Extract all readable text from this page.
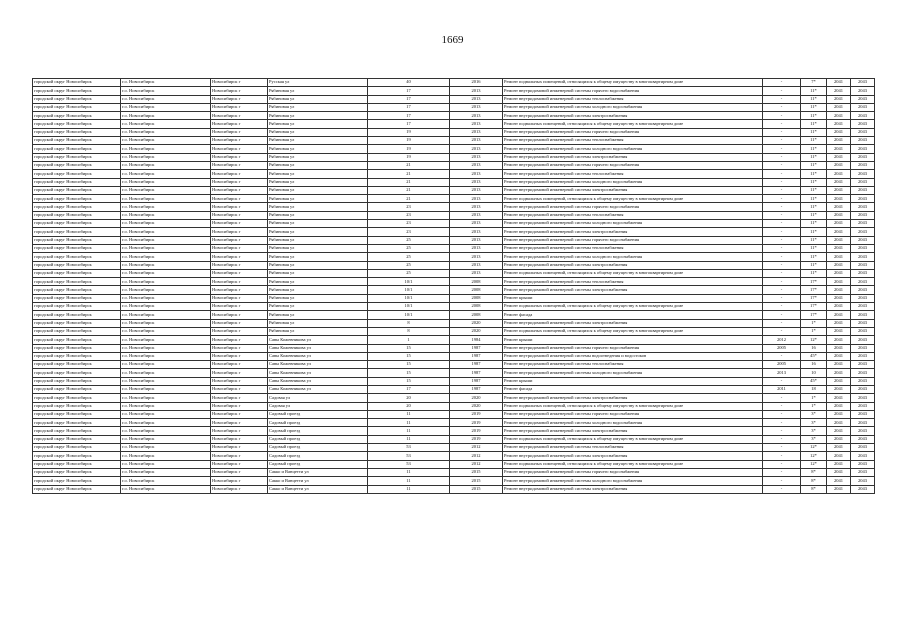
1669
городской округ Новосибирск	г.о. Новосибирск	Новосибирск г	Русская ул	40	2016	Ремонт подвальных помещений, относящихся к общему имуществу в многоквартирном доме	-	7*	2041	2043
городской округ Новосибирск	г.о. Новосибирск	Новосибирск г	Рябиновая ул	17	2013	Ремонт внутридомовой инженерной системы горячего водоснабжения	-	11*	2041	2043
городской округ Новосибирск	г.о. Новосибирск	Новосибирск г	Рябиновая ул	17	2013	Ремонт внутридомовой инженерной системы теплоснабжения	-	11*	2041	2043
городской округ Новосибирск	г.о. Новосибирск	Новосибирск г	Рябиновая ул	17	2013	Ремонт внутридомовой инженерной системы холодного водоснабжения	-	11*	2041	2043
городской округ Новосибирск	г.о. Новосибирск	Новосибирск г	Рябиновая ул	17	2013	Ремонт внутридомовой инженерной системы электроснабжения	-	11*	2041	2043
городской округ Новосибирск	г.о. Новосибирск	Новосибирск г	Рябиновая ул	17	2013	Ремонт подвальных помещений, относящихся к общему имуществу в многоквартирном доме	-	11*	2041	2043
городской округ Новосибирск	г.о. Новосибирск	Новосибирск г	Рябиновая ул	19	2013	Ремонт внутридомовой инженерной системы горячего водоснабжения	-	11*	2041	2043
городской округ Новосибирск	г.о. Новосибирск	Новосибирск г	Рябиновая ул	19	2013	Ремонт внутридомовой инженерной системы теплоснабжения	-	11*	2041	2043
городской округ Новосибирск	г.о. Новосибирск	Новосибирск г	Рябиновая ул	19	2013	Ремонт внутридомовой инженерной системы холодного водоснабжения	-	11*	2041	2043
городской округ Новосибирск	г.о. Новосибирск	Новосибирск г	Рябиновая ул	19	2013	Ремонт внутридомовой инженерной системы электроснабжения	-	11*	2041	2043
городской округ Новосибирск	г.о. Новосибирск	Новосибирск г	Рябиновая ул	21	2013	Ремонт внутридомовой инженерной системы горячего водоснабжения	-	11*	2041	2043
городской округ Новосибирск	г.о. Новосибирск	Новосибирск г	Рябиновая ул	21	2013	Ремонт внутридомовой инженерной системы теплоснабжения	-	11*	2041	2043
городской округ Новосибирск	г.о. Новосибирск	Новосибирск г	Рябиновая ул	21	2013	Ремонт внутридомовой инженерной системы холодного водоснабжения	-	11*	2041	2043
городской округ Новосибирск	г.о. Новосибирск	Новосибирск г	Рябиновая ул	21	2013	Ремонт внутридомовой инженерной системы электроснабжения	-	11*	2041	2043
городской округ Новосибирск	г.о. Новосибирск	Новосибирск г	Рябиновая ул	21	2013	Ремонт подвальных помещений, относящихся к общему имуществу в многоквартирном доме	-	11*	2041	2043
городской округ Новосибирск	г.о. Новосибирск	Новосибирск г	Рябиновая ул	23	2013	Ремонт внутридомовой инженерной системы горячего водоснабжения	-	11*	2041	2043
городской округ Новосибирск	г.о. Новосибирск	Новосибирск г	Рябиновая ул	23	2013	Ремонт внутридомовой инженерной системы теплоснабжения	-	11*	2041	2043
городской округ Новосибирск	г.о. Новосибирск	Новосибирск г	Рябиновая ул	23	2013	Ремонт внутридомовой инженерной системы холодного водоснабжения	-	11*	2041	2043
городской округ Новосибирск	г.о. Новосибирск	Новосибирск г	Рябиновая ул	23	2013	Ремонт внутридомовой инженерной системы электроснабжения	-	11*	2041	2043
городской округ Новосибирск	г.о. Новосибирск	Новосибирск г	Рябиновая ул	25	2013	Ремонт внутридомовой инженерной системы горячего водоснабжения	-	11*	2041	2043
городской округ Новосибирск	г.о. Новосибирск	Новосибирск г	Рябиновая ул	25	2013	Ремонт внутридомовой инженерной системы теплоснабжения	-	11*	2041	2043
городской округ Новосибирск	г.о. Новосибирск	Новосибирск г	Рябиновая ул	25	2013	Ремонт внутридомовой инженерной системы холодного водоснабжения	-	11*	2041	2043
городской округ Новосибирск	г.о. Новосибирск	Новосибирск г	Рябиновая ул	25	2013	Ремонт внутридомовой инженерной системы электроснабжения	-	11*	2041	2043
городской округ Новосибирск	г.о. Новосибирск	Новосибирск г	Рябиновая ул	25	2013	Ремонт подвальных помещений, относящихся к общему имуществу в многоквартирном доме	-	11*	2041	2043
городской округ Новосибирск	г.о. Новосибирск	Новосибирск г	Рябиновая ул	10/1	2008	Ремонт внутридомовой инженерной системы теплоснабжения	-	17*	2041	2043
городской округ Новосибирск	г.о. Новосибирск	Новосибирск г	Рябиновая ул	10/1	2008	Ремонт внутридомовой инженерной системы электроснабжения	-	17*	2041	2043
городской округ Новосибирск	г.о. Новосибирск	Новосибирск г	Рябиновая ул	10/1	2008	Ремонт крыши	-	17*	2041	2043
городской округ Новосибирск	г.о. Новосибирск	Новосибирск г	Рябиновая ул	10/1	2008	Ремонт подвальных помещений, относящихся к общему имуществу в многоквартирном доме	-	17*	2041	2043
городской округ Новосибирск	г.о. Новосибирск	Новосибирск г	Рябиновая ул	10/1	2008	Ремонт фасада	-	17*	2041	2043
городской округ Новосибирск	г.о. Новосибирск	Новосибирск г	Рябиновая ул	8	2020	Ремонт внутридомовой инженерной системы электроснабжения	-	1*	2041	2043
городской округ Новосибирск	г.о. Новосибирск	Новосибирск г	Рябиновая ул	8	2020	Ремонт подвальных помещений, относящихся к общему имуществу в многоквартирном доме	-	1*	2041	2043
городской округ Новосибирск	г.о. Новосибирск	Новосибирск г	Савы Кожевникова ул	1	1984	Ремонт крыши	2012	12*	2041	2043
городской округ Новосибирск	г.о. Новосибирск	Новосибирск г	Савы Кожевникова ул	15	1987	Ремонт внутридомовой инженерной системы горячего водоснабжения	2005	16	2041	2043
городской округ Новосибирск	г.о. Новосибирск	Новосибирск г	Савы Кожевникова ул	15	1987	Ремонт внутридомовой инженерной системы водоотведения и водостоков	-	45*	2041	2043
городской округ Новосибирск	г.о. Новосибирск	Новосибирск г	Савы Кожевникова ул	15	1987	Ремонт внутридомовой инженерной системы теплоснабжения	2005	16	2041	2043
городской округ Новосибирск	г.о. Новосибирск	Новосибирск г	Савы Кожевникова ул	15	1987	Ремонт внутридомовой инженерной системы холодного водоснабжения	2013	10	2041	2043
городской округ Новосибирск	г.о. Новосибирск	Новосибирск г	Савы Кожевникова ул	15	1987	Ремонт крыши	-	45*	2041	2043
городской округ Новосибирск	г.о. Новосибирск	Новосибирск г	Савы Кожевникова ул	17	1987	Ремонт фасада	2011	18	2041	2043
городской округ Новосибирск	г.о. Новосибирск	Новосибирск г	Садовая ул	20	2020	Ремонт внутридомовой инженерной системы электроснабжения	-	1*	2041	2043
городской округ Новосибирск	г.о. Новосибирск	Новосибирск г	Садовая ул	20	2020	Ремонт подвальных помещений, относящихся к общему имуществу в многоквартирном доме	-	1*	2041	2043
городской округ Новосибирск	г.о. Новосибирск	Новосибирск г	Садовый проезд	11	2019	Ремонт внутридомовой инженерной системы горячего водоснабжения	-	3*	2041	2043
городской округ Новосибирск	г.о. Новосибирск	Новосибирск г	Садовый проезд	11	2019	Ремонт внутридомовой инженерной системы холодного водоснабжения	-	3*	2041	2043
городской округ Новосибирск	г.о. Новосибирск	Новосибирск г	Садовый проезд	11	2019	Ремонт внутридомовой инженерной системы электроснабжения	-	3*	2041	2043
городской округ Новосибирск	г.о. Новосибирск	Новосибирск г	Садовый проезд	11	2019	Ремонт подвальных помещений, относящихся к общему имуществу в многоквартирном доме	-	3*	2041	2043
городской округ Новосибирск	г.о. Новосибирск	Новосибирск г	Садовый проезд	53	2012	Ремонт внутридомовой инженерной системы теплоснабжения	-	12*	2041	2043
городской округ Новосибирск	г.о. Новосибирск	Новосибирск г	Садовый проезд	53	2012	Ремонт внутридомовой инженерной системы электроснабжения	-	12*	2041	2043
городской округ Новосибирск	г.о. Новосибирск	Новосибирск г	Садовый проезд	53	2012	Ремонт подвальных помещений, относящихся к общему имуществу в многоквартирном доме	-	12*	2041	2043
городской округ Новосибирск	г.о. Новосибирск	Новосибирск г	Сакко и Ванцетти ул	11	2015	Ремонт внутридомовой инженерной системы горячего водоснабжения	-	8*	2041	2043
городской округ Новосибирск	г.о. Новосибирск	Новосибирск г	Сакко и Ванцетти ул	11	2015	Ремонт внутридомовой инженерной системы холодного водоснабжения	-	8*	2041	2043
городской округ Новосибирск	г.о. Новосибирск	Новосибирск г	Сакко и Ванцетти ул	11	2015	Ремонт внутридомовой инженерной системы электроснабжения	-	8*	2041	2043
